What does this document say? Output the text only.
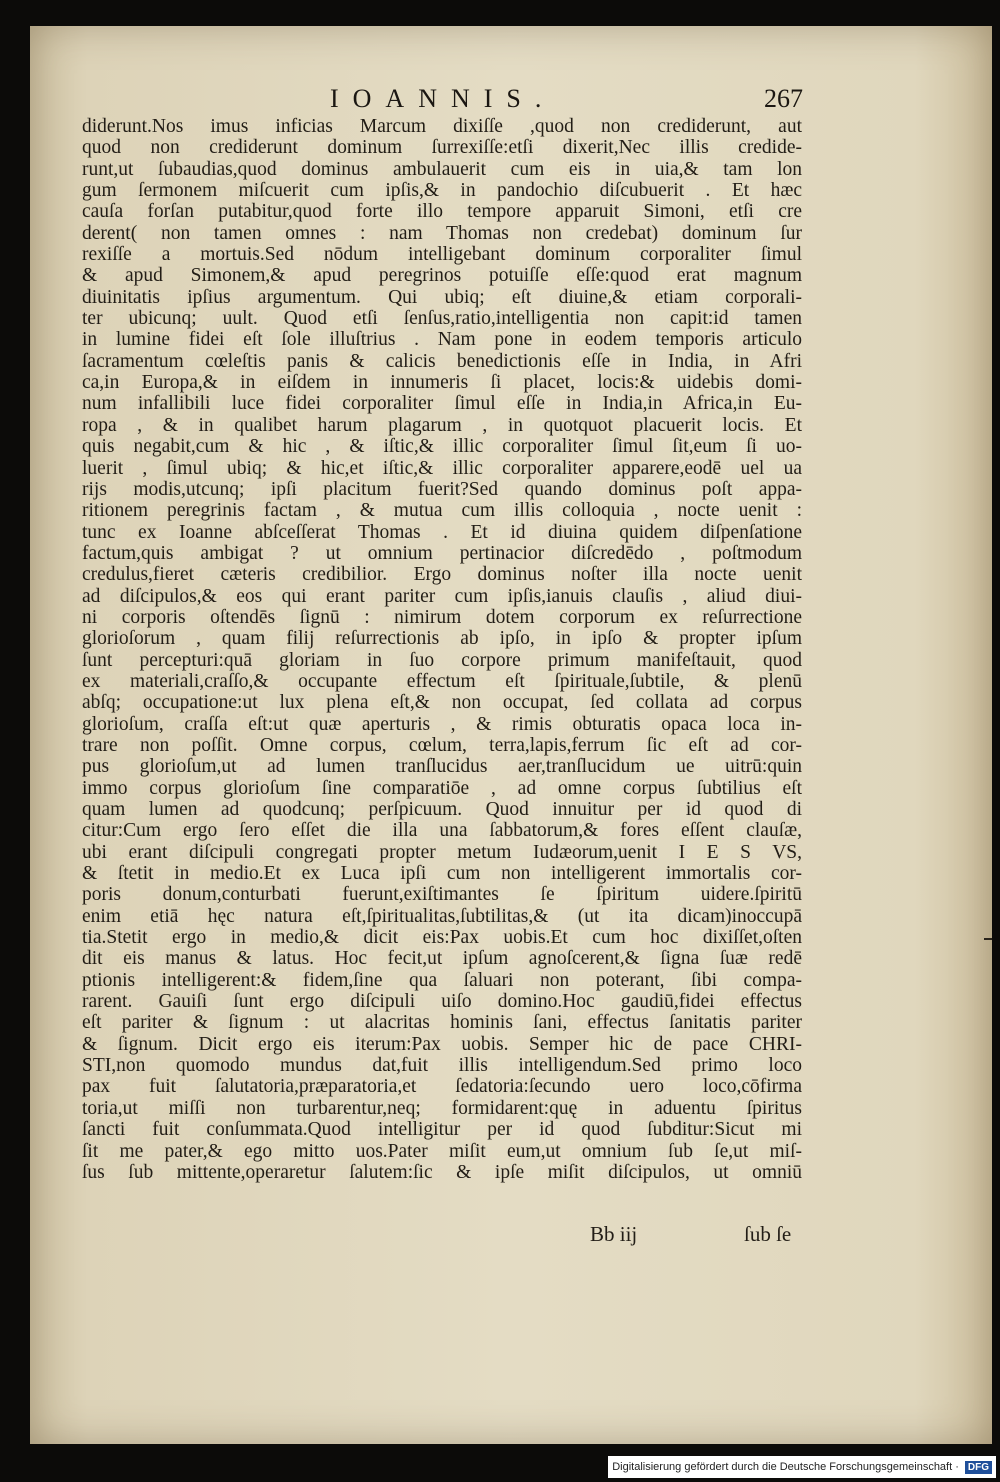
IOANNIS.	267
diderunt.Nos imus inficias Marcum dixiſſe ,quod non crediderunt, aut
quod non crediderunt dominum ſurrexiſſe:etſi dixerit,Nec illis credide-
runt,ut ſubaudias,quod dominus ambulauerit cum eis in uia,& tam lon
gum ſermonem miſcuerit cum ipſis,& in pandochio diſcubuerit . Et hæc
cauſa forſan putabitur,quod forte illo tempore apparuit Simoni, etſi cre
derent( non tamen omnes : nam Thomas non credebat) dominum ſur
rexiſſe a mortuis.Sed nōdum intelligebant dominum corporaliter ſimul
& apud Simonem,& apud peregrinos potuiſſe eſſe:quod erat magnum
diuinitatis ipſius argumentum. Qui ubiq; eſt diuine,& etiam corporali-
ter ubicunq; uult. Quod etſi ſenſus,ratio,intelligentia non capit:id tamen
in lumine fidei eſt ſole illuſtrius . Nam pone in eodem temporis articulo
ſacramentum cœleſtis panis & calicis benedictionis eſſe in India, in Afri
ca,in Europa,& in eiſdem in innumeris ſi placet, locis:& uidebis domi-
num infallibili luce fidei corporaliter ſimul eſſe in India,in Africa,in Eu-
ropa , & in qualibet harum plagarum , in quotquot placuerit locis. Et
quis negabit,cum & hic , & iſtic,& illic corporaliter ſimul ſit,eum ſi uo-
luerit , ſimul ubiq; & hic,et iſtic,& illic corporaliter apparere,eodē uel ua
rijs modis,utcunq; ipſi placitum fuerit?Sed quando dominus poſt appa-
ritionem peregrinis factam , & mutua cum illis colloquia , nocte uenit :
tunc ex Ioanne abſceſſerat Thomas . Et id diuina quidem diſpenſatione
factum,quis ambigat ? ut omnium pertinacior diſcredēdo , poſtmodum
credulus,fieret cæteris credibilior. Ergo dominus noſter illa nocte uenit
ad diſcipulos,& eos qui erant pariter cum ipſis,ianuis clauſis , aliud diui-
ni corporis oſtendēs ſignū : nimirum dotem corporum ex reſurrectione
glorioſorum , quam filij reſurrectionis ab ipſo, in ipſo & propter ipſum
ſunt percepturi:quā gloriam in ſuo corpore primum manifeſtauit, quod
ex materiali,craſſo,& occupante effectum eſt ſpirituale,ſubtile, & plenū
abſq; occupatione:ut lux plena eſt,& non occupat, ſed collata ad corpus
glorioſum, craſſa eſt:ut quæ aperturis , & rimis obturatis opaca loca in-
trare non poſſit. Omne corpus, cœlum, terra,lapis,ferrum ſic eſt ad cor-
pus glorioſum,ut ad lumen tranſlucidus aer,tranſlucidum ue uitrū:quin
immo corpus glorioſum ſine comparatiōe , ad omne corpus ſubtilius eſt
quam lumen ad quodcunq; perſpicuum. Quod innuitur per id quod di
citur:Cum ergo ſero eſſet die illa una ſabbatorum,& fores eſſent clauſæ,
ubi erant diſcipuli congregati propter metum Iudæorum,uenit I E S VS,
& ſtetit in medio.Et ex Luca ipſi cum non intelligerent immortalis cor-
poris donum,conturbati fuerunt,exiſtimantes ſe ſpiritum uidere.ſpiritū
enim etiā hęc natura eſt,ſpiritualitas,ſubtilitas,& (ut ita dicam)inoccupā
tia.Stetit ergo in medio,& dicit eis:Pax uobis.Et cum hoc dixiſſet,oſten
dit eis manus & latus. Hoc fecit,ut ipſum agnoſcerent,& ſigna ſuæ redē
ptionis intelligerent:& fidem,ſine qua ſaluari non poterant, ſibi compa-
rarent. Gauiſi ſunt ergo diſcipuli uiſo domino.Hoc gaudiū,fidei effectus
eſt pariter & ſignum : ut alacritas hominis ſani, effectus ſanitatis pariter
& ſignum. Dicit ergo eis iterum:Pax uobis. Semper hic de pace CHRI-
STI,non quomodo mundus dat,fuit illis intelligendum.Sed primo loco
pax fuit ſalutatoria,præparatoria,et ſedatoria:ſecundo uero loco,cōfirma
toria,ut miſſi non turbarentur,neq; formidarent:quę in aduentu ſpiritus
ſancti fuit conſummata.Quod intelligitur per id quod ſubditur:Sicut mi
ſit me pater,& ego mitto uos.Pater miſit eum,ut omnium ſub ſe,ut miſ-
ſus ſub mittente,operaretur ſalutem:ſic & ipſe miſit diſcipulos, ut omniū
Bb iij	ſub ſe
Digitalisierung gefördert durch die Deutsche Forschungsgemeinschaft · DFG
